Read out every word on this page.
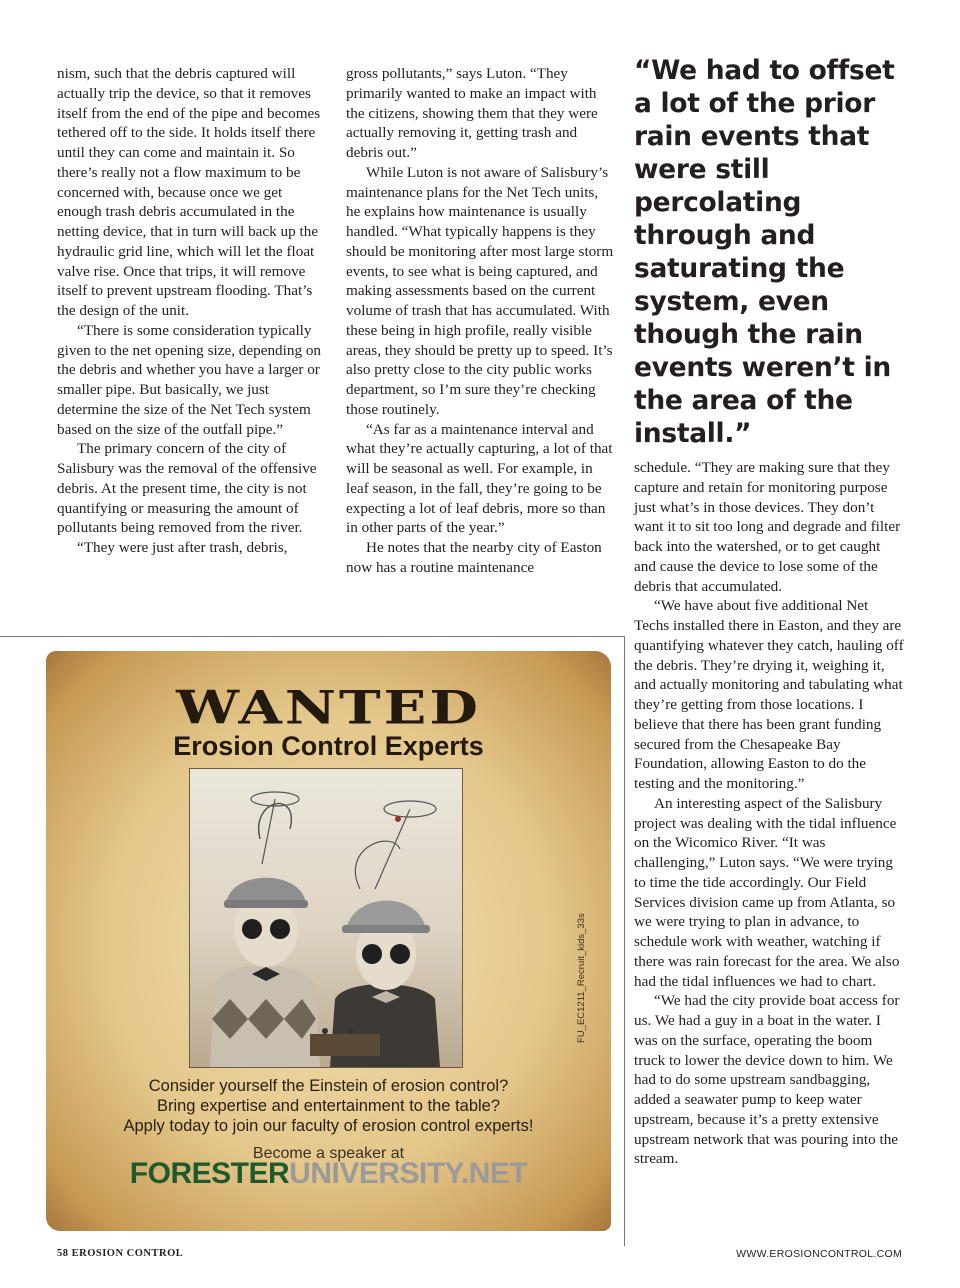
nism, such that the debris captured will actually trip the device, so that it removes itself from the end of the pipe and becomes tethered off to the side. It holds itself there until they can come and maintain it. So there’s really not a flow maximum to be concerned with, because once we get enough trash debris accumulated in the netting device, that in turn will back up the hydraulic grid line, which will let the float valve rise. Once that trips, it will remove itself to prevent upstream flooding. That’s the design of the unit.

“There is some consideration typically given to the net opening size, depending on the debris and whether you have a larger or smaller pipe. But basically, we just determine the size of the Net Tech system based on the size of the outfall pipe.”

The primary concern of the city of Salisbury was the removal of the offensive debris. At the present time, the city is not quantifying or measuring the amount of pollutants being removed from the river.

“They were just after trash, debris,

gross pollutants,” says Luton. “They primarily wanted to make an impact with the citizens, showing them that they were actually removing it, getting trash and debris out.”

While Luton is not aware of Salisbury’s maintenance plans for the Net Tech units, he explains how maintenance is usually handled. “What typically happens is they should be monitoring after most large storm events, to see what is being captured, and making assessments based on the current volume of trash that has accumulated. With these being in high profile, really visible areas, they should be pretty up to speed. It’s also pretty close to the city public works department, so I’m sure they’re checking those routinely.

“As far as a maintenance interval and what they’re actually capturing, a lot of that will be seasonal as well. For example, in leaf season, in the fall, they’re going to be expecting a lot of leaf debris, more so than in other parts of the year.”

He notes that the nearby city of Easton now has a routine maintenance

“We had to offset a lot of the prior rain events that were still percolating through and saturating the system, even though the rain events weren’t in the area of the install.”

schedule. “They are making sure that they capture and retain for monitoring purpose just what’s in those devices. They don’t want it to sit too long and degrade and filter back into the watershed, or to get caught and cause the device to lose some of the debris that accumulated.

“We have about five additional Net Techs installed there in Easton, and they are quantifying whatever they catch, hauling off the debris. They’re drying it, weighing it, and actually monitoring and tabulating what they’re getting from those locations. I believe that there has been grant funding secured from the Chesapeake Bay Foundation, allowing Easton to do the testing and the monitoring.”

An interesting aspect of the Salisbury project was dealing with the tidal influence on the Wicomico River. “It was challenging,” Luton says. “We were trying to time the tide accordingly. Our Field Services division came up from Atlanta, so we were trying to plan in advance, to schedule work with weather, watching if there was rain forecast for the area. We also had the tidal influences we had to chart.

“We had the city provide boat access for us. We had a guy in a boat in the water. I was on the surface, operating the boom truck to lower the device down to him. We had to do some upstream sandbagging, added a seawater pump to keep water upstream, because it’s a pretty extensive upstream network that was pouring into the stream.

WANTED

Erosion Control Experts

FU_EC1211_Recruit_kids_33s

Consider yourself the Einstein of erosion control?

Bring expertise and entertainment to the table?

Apply today to join our faculty of erosion control experts!

Become a speaker at

FORESTERUNIVERSITY.NET

58 EROSION CONTROL	WWW.EROSIONCONTROL.COM
